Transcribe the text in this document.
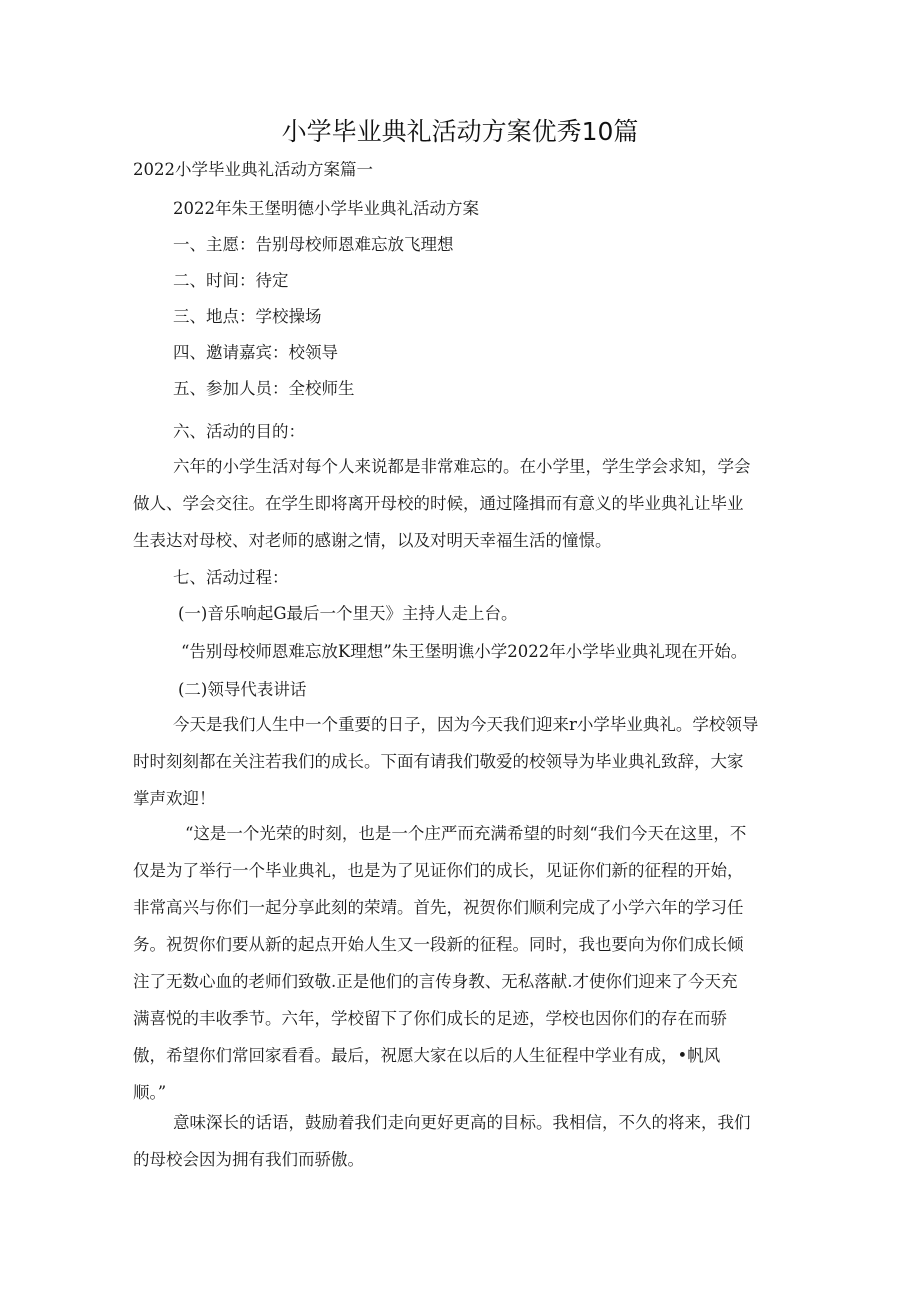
小学毕业典礼活动方案优秀10篇
2022小学毕业典礼活动方案篇一
2022年朱王堡明德小学毕业典礼活动方案
一、主愿：告别母校师恩难忘放飞理想
二、时间：待定
三、地点：学校操场
四、邀请嘉宾：校领导
五、参加人员：全校师生
六、活动的目的：
六年的小学生活对每个人来说都是非常难忘的。在小学里，学生学会求知，学会
做人、学会交往。在学生即将离开母校的时候，通过隆揖而有意义的毕业典礼让毕业
生表达对母校、对老师的感谢之情，以及对明天幸福生活的憧憬。
七、活动过程：
(一)音乐响起G最后一个里天》主持人走上台。
“告别母校师恩难忘放K理想”朱王堡明谯小学2022年小学毕业典礼现在开始。
(二)领导代表讲话
今天是我们人生中一个重要的日子，因为今天我们迎来r小学毕业典礼。学校领导
时时刻刻都在关注若我们的成长。下面有请我们敬爱的校领导为毕业典礼致辞，大家
掌声欢迎！
“这是一个光荣的时刻，也是一个庄严而充满希望的时刻“我们今天在这里，不
仅是为了举行一个毕业典礼，也是为了见证你们的成长，见证你们新的征程的开始，
非常高兴与你们一起分享此刻的荣靖。首先，祝贺你们顺利完成了小学六年的学习任
务。祝贺你们要从新的起点开始人生又一段新的征程。同时，我也要向为你们成长倾
注了无数心血的老师们致敬.正是他们的言传身教、无私落献.才使你们迎来了今天充
满喜悦的丰收季节。六年，学校留下了你们成长的足迹，学校也因你们的存在而骄
傲，希望你们常回家看看。最后，祝愿大家在以后的人生征程中学业有成，•帆风
顺。”
意味深长的话语，鼓励着我们走向更好更高的目标。我相信，不久的将来，我们
的母校会因为拥有我们而骄傲。
